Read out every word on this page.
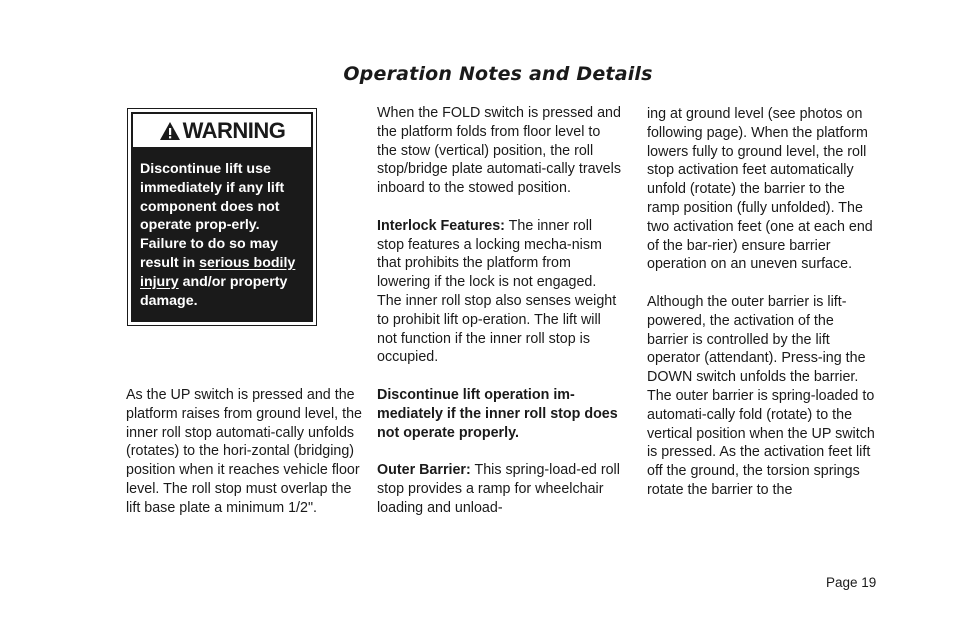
Operation Notes and Details
WARNING
Discontinue lift use immediately if any lift component does not operate prop-erly. Failure to do so may result in serious bodily injury and/or property damage.

As the UP switch is pressed and the platform raises from ground level, the inner roll stop automati-cally unfolds (rotates) to the hori-zontal (bridging) position when it reaches vehicle floor level. The roll stop must overlap the lift base plate a minimum 1/2".

When the FOLD switch is pressed and the platform folds from floor level to the stow (vertical) position, the roll stop/bridge plate automati-cally travels inboard to the stowed position.

Interlock Features: The inner roll stop features a locking mecha-nism that prohibits the platform from lowering if the lock is not engaged. The inner roll stop also senses weight to prohibit lift op-eration. The lift will not function if the inner roll stop is occupied.

Discontinue lift operation im-mediately if the inner roll stop does not operate properly.

Outer Barrier: This spring-load-ed roll stop provides a ramp for wheelchair loading and unload-

ing at ground level (see photos on following page). When the platform lowers fully to ground level, the roll stop activation feet automatically unfold (rotate) the barrier to the ramp position (fully unfolded). The two activation feet (one at each end of the bar-rier) ensure barrier operation on an uneven surface.

Although the outer barrier is lift-powered, the activation of the barrier is controlled by the lift operator (attendant). Press-ing the DOWN switch unfolds the barrier. The outer barrier is spring-loaded to automati-cally fold (rotate) to the vertical position when the UP switch is pressed. As the activation feet lift off the ground, the torsion springs rotate the barrier to the

Page 19
